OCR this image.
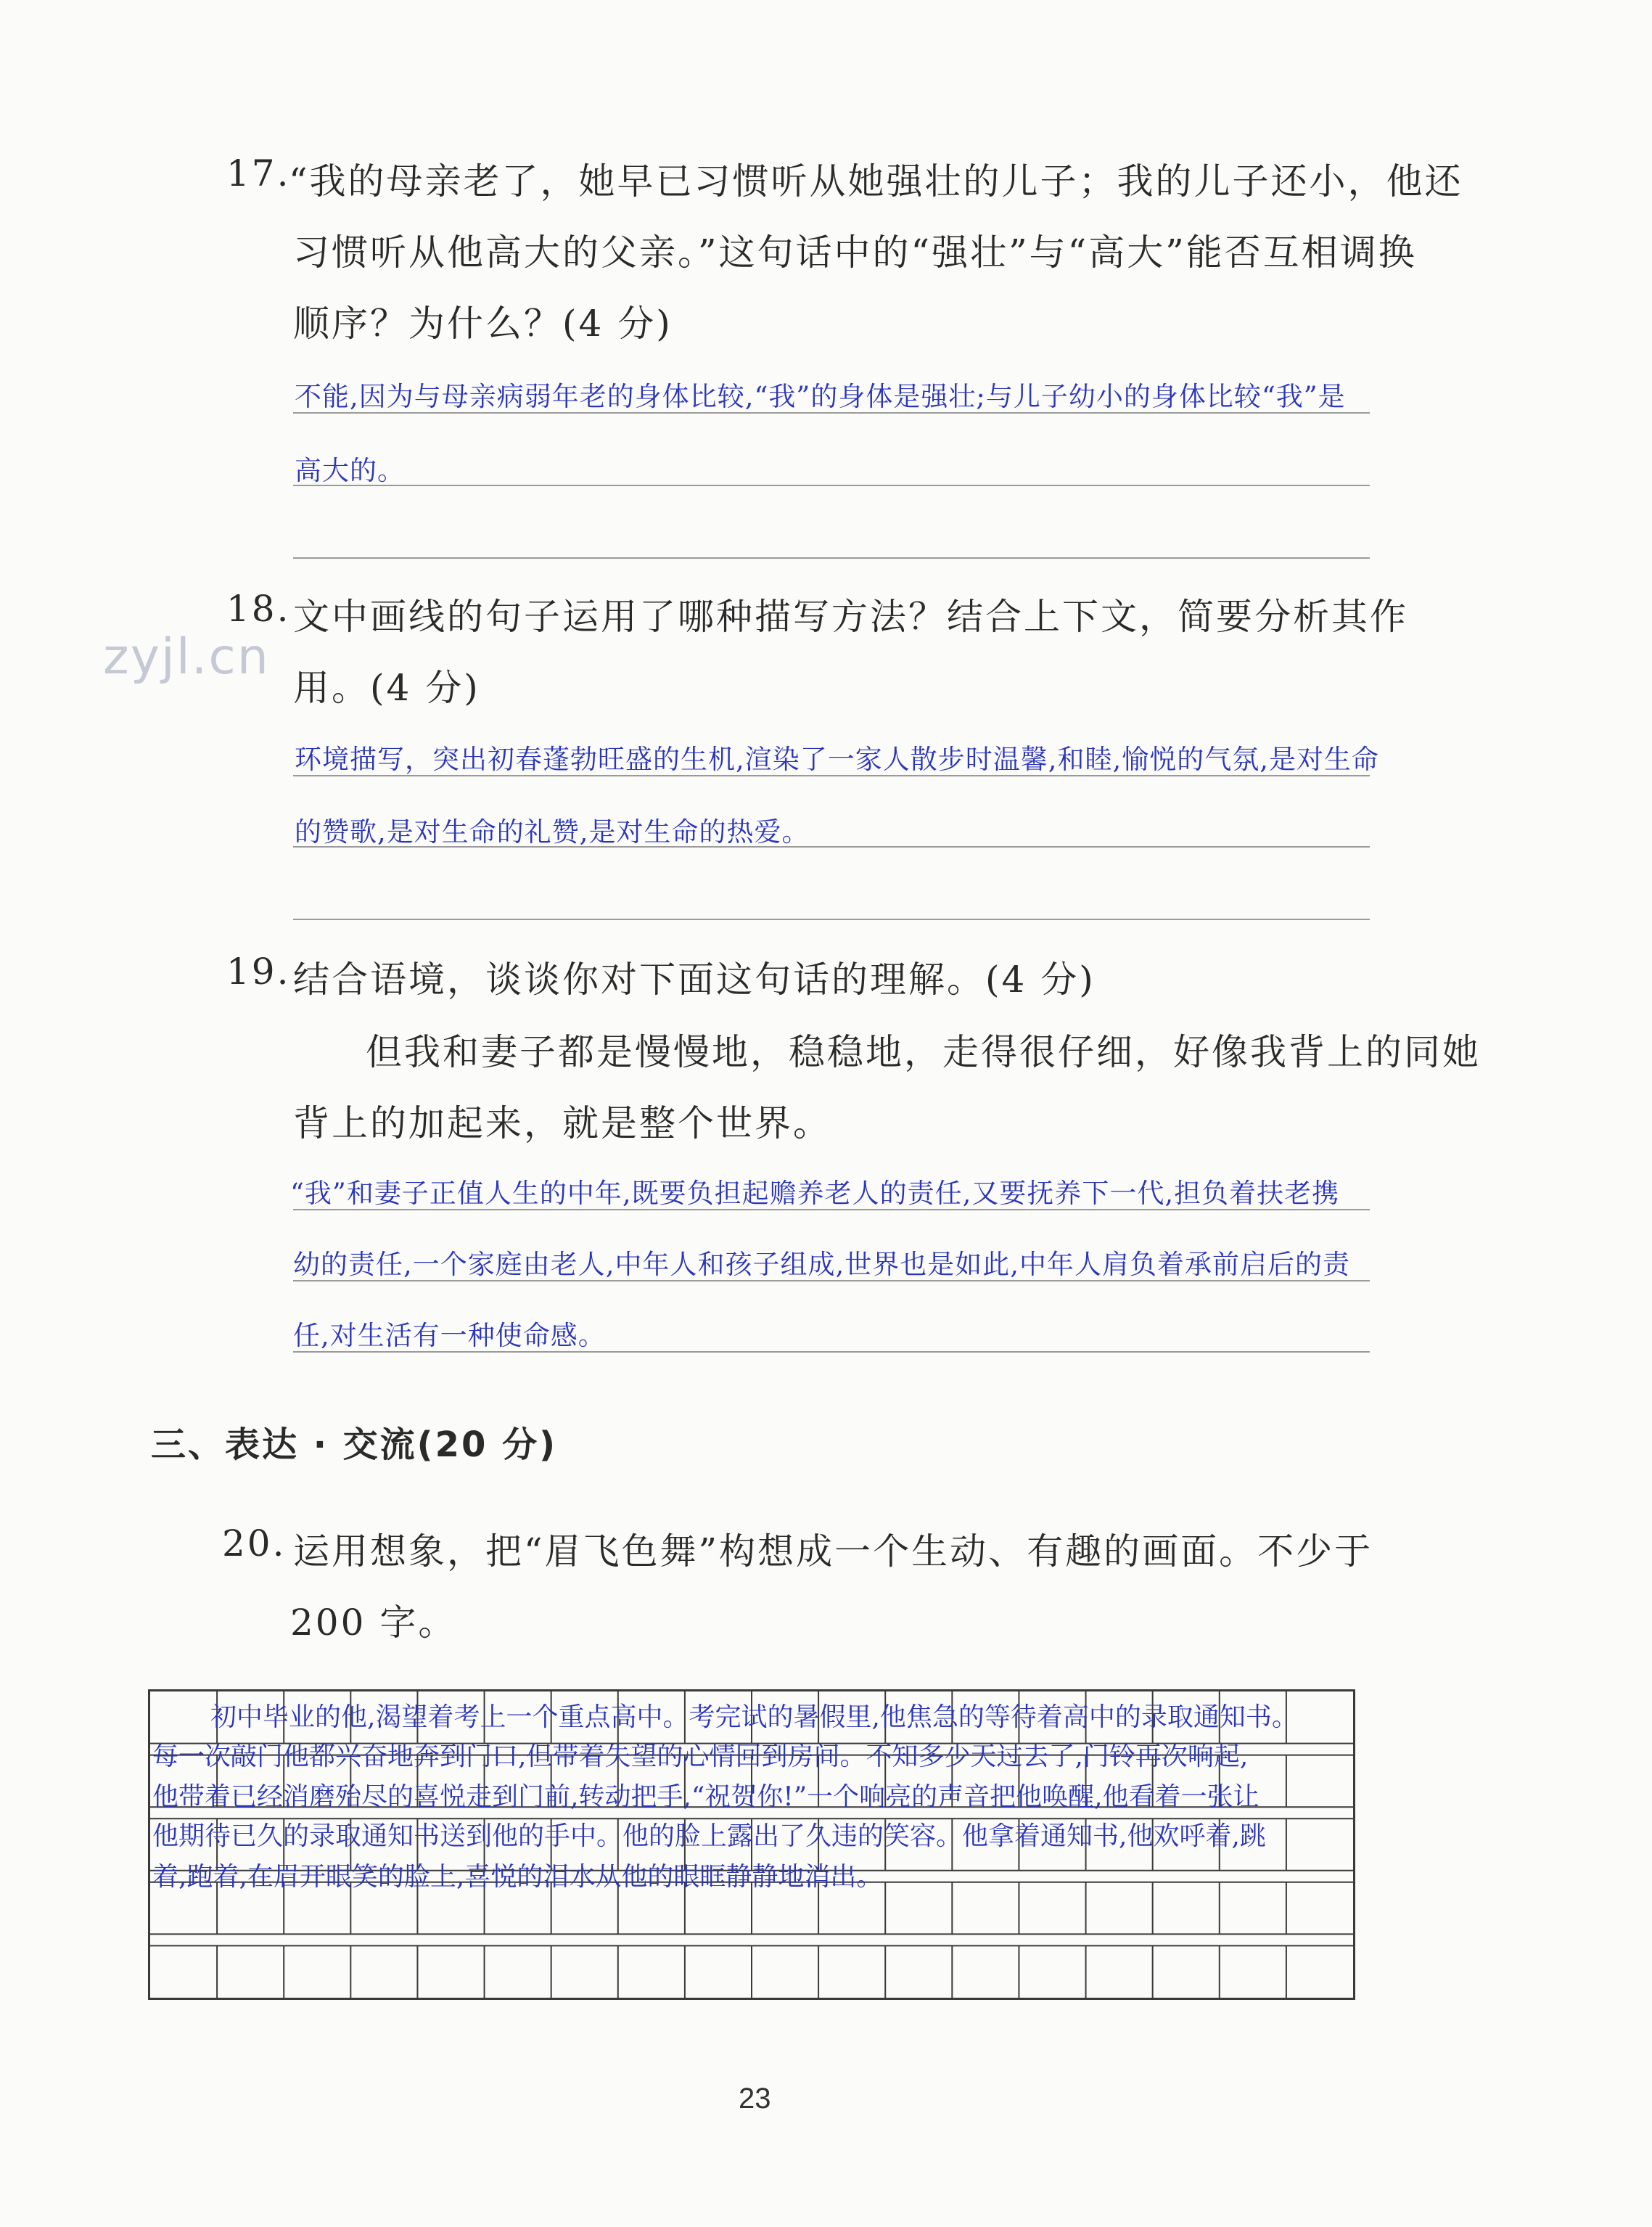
17.
“我的母亲老了，她早已习惯听从她强壮的儿子；我的儿子还小，他还
习惯听从他高大的父亲。”这句话中的“强壮”与“高大”能否互相调换
顺序？为什么？(4 分)
不能,因为与母亲病弱年老的身体比较,“我”的身体是强壮;与儿子幼小的身体比较“我”是
高大的。
zyjl.cn
18. 文中画线的句子运用了哪种描写方法？结合上下文，简要分析其作
用。(4 分)
环境描写，突出初春蓬勃旺盛的生机,渲染了一家人散步时温馨,和睦,愉悦的气氛,是对生命
的赞歌,是对生命的礼赞,是对生命的热爱。
19. 结合语境，谈谈你对下面这句话的理解。(4 分)
但我和妻子都是慢慢地，稳稳地，走得很仔细，好像我背上的同她
背上的加起来，就是整个世界。
“我”和妻子正值人生的中年,既要负担起赡养老人的责任,又要抚养下一代,担负着扶老携
幼的责任,一个家庭由老人,中年人和孩子组成,世界也是如此,中年人肩负着承前启后的责
任,对生活有一种使命感。
三、表达 · 交流(20 分)
20. 运用想象，把“眉飞色舞”构想成一个生动、有趣的画面。不少于
200 字。
初中毕业的他,渴望着考上一个重点高中。考完试的暑假里,他焦急的等待着高中的录取通知书。
每一次敲门他都兴奋地奔到门口,但带着失望的心情回到房间。不知多少天过去了,门铃再次响起,
他带着已经消磨殆尽的喜悦走到门前,转动把手,“祝贺你!”一个响亮的声音把他唤醒,他看着一张让
他期待已久的录取通知书送到他的手中。他的脸上露出了久违的笑容。他拿着通知书,他欢呼着,跳
着,跑着,在眉开眼笑的脸上,喜悦的泪水从他的眼眶静静地消出。
23
